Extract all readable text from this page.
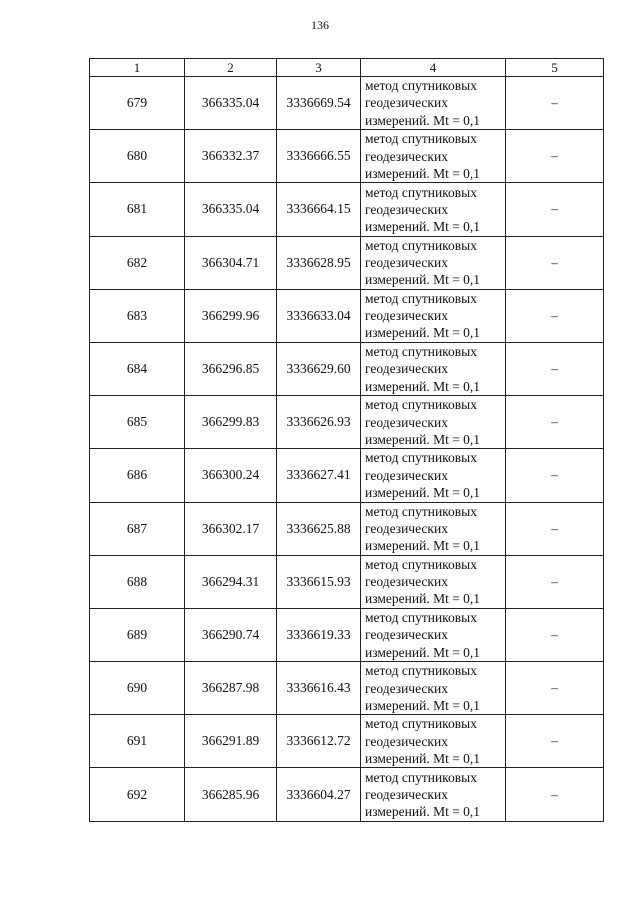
136
1	2	3	4	5
679	366335.04	3336669.54	метод спутниковых
геодезических
измерений. Mt = 0,1	–
680	366332.37	3336666.55	метод спутниковых
геодезических
измерений. Mt = 0,1	–
681	366335.04	3336664.15	метод спутниковых
геодезических
измерений. Mt = 0,1	–
682	366304.71	3336628.95	метод спутниковых
геодезических
измерений. Mt = 0,1	–
683	366299.96	3336633.04	метод спутниковых
геодезических
измерений. Mt = 0,1	–
684	366296.85	3336629.60	метод спутниковых
геодезических
измерений. Mt = 0,1	–
685	366299.83	3336626.93	метод спутниковых
геодезических
измерений. Mt = 0,1	–
686	366300.24	3336627.41	метод спутниковых
геодезических
измерений. Mt = 0,1	–
687	366302.17	3336625.88	метод спутниковых
геодезических
измерений. Mt = 0,1	–
688	366294.31	3336615.93	метод спутниковых
геодезических
измерений. Mt = 0,1	–
689	366290.74	3336619.33	метод спутниковых
геодезических
измерений. Mt = 0,1	–
690	366287.98	3336616.43	метод спутниковых
геодезических
измерений. Mt = 0,1	–
691	366291.89	3336612.72	метод спутниковых
геодезических
измерений. Mt = 0,1	–
692	366285.96	3336604.27	метод спутниковых
геодезических
измерений. Mt = 0,1	–
